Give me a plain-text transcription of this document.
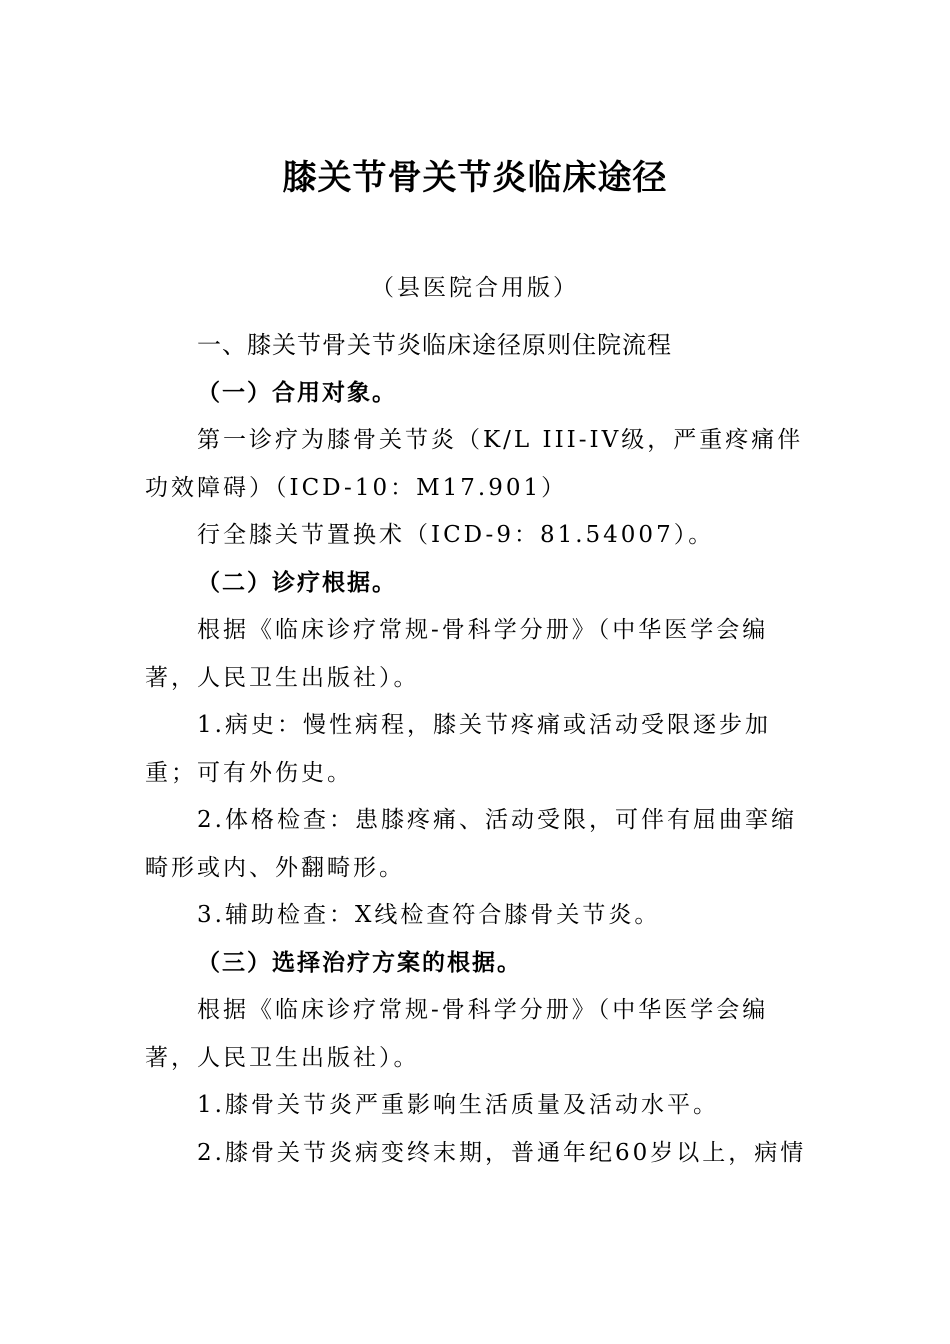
膝关节骨关节炎临床途径
（县医院合用版）

一、膝关节骨关节炎临床途径原则住院流程

（一）合用对象。

第一诊疗为膝骨关节炎（K/L III-IV级，严重疼痛伴功效障碍）（ICD-10：M17.901）

行全膝关节置换术（ICD-9：81.54007）。

（二）诊疗根据。

根据《临床诊疗常规-骨科学分册》（中华医学会编著，人民卫生出版社）。

1.病史：慢性病程，膝关节疼痛或活动受限逐步加重；可有外伤史。

2.体格检查：患膝疼痛、活动受限，可伴有屈曲挛缩畸形或内、外翻畸形。

3.辅助检查：X线检查符合膝骨关节炎。

（三）选择治疗方案的根据。

根据《临床诊疗常规-骨科学分册》（中华医学会编著，人民卫生出版社）。

1.膝骨关节炎严重影响生活质量及活动水平。

2.膝骨关节炎病变终末期，普通年纪60岁以上，病情
